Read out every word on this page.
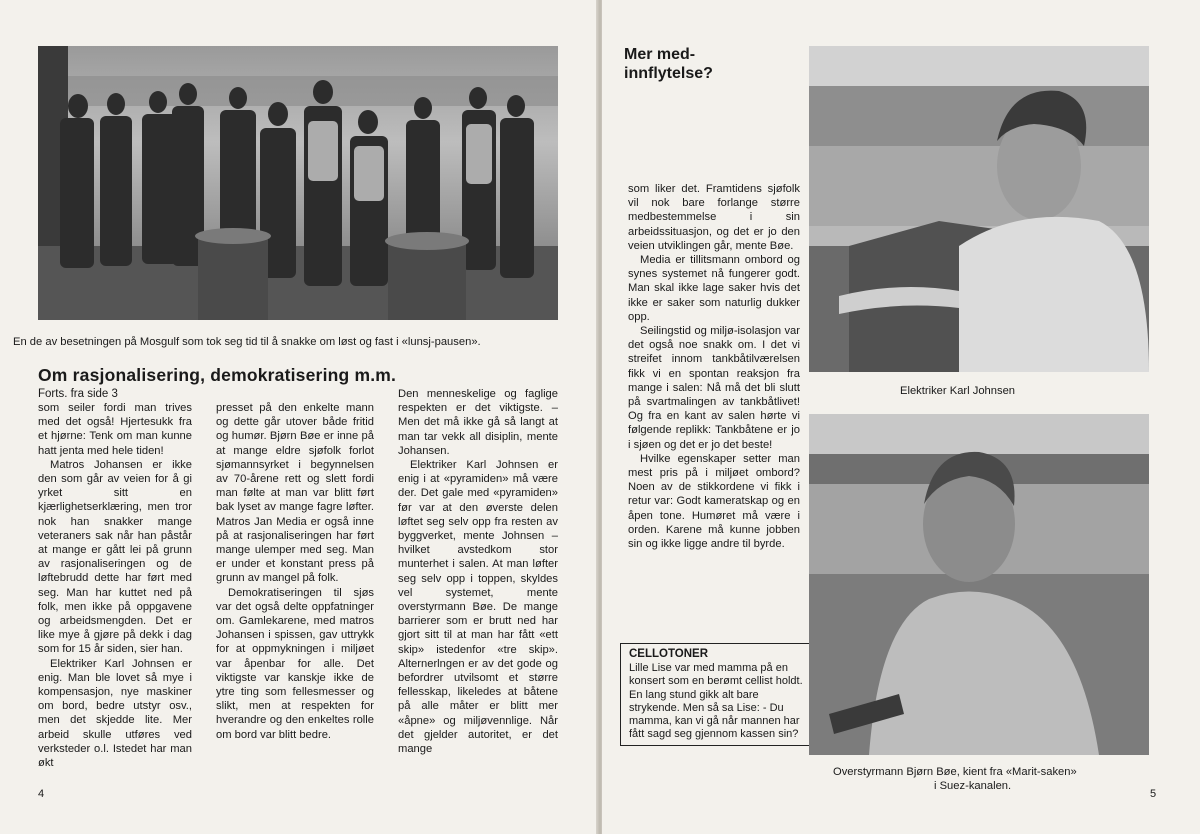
En de av besetningen på Mosgulf som tok seg tid til å snakke om løst og fast i «lunsj-pausen».
Om rasjonalisering, demokratisering m.m.
Forts. fra side 3

som seiler fordi man trives med det også! Hjertesukk fra et hjørne: Tenk om man kunne hatt jenta med hele tiden!

Matros Johansen er ikke den som går av veien for å gi yrket sitt en kjærlighetserklæring, men tror nok han snakker mange veteraners sak når han påstår at mange er gått lei på grunn av rasjonaliseringen og de løftebrudd dette har ført med seg. Man har kuttet ned på folk, men ikke på oppgavene og arbeidsmengden. Det er like mye å gjøre på dekk i dag som for 15 år siden, sier han.

Elektriker Karl Johnsen er enig. Man ble lovet så mye i kompensasjon, nye maskiner om bord, bedre utstyr osv., men det skjedde lite. Mer arbeid skulle utføres ved verksteder o.l. Istedet har man økt

presset på den enkelte mann og dette går utover både fritid og humør. Bjørn Bøe er inne på at mange eldre sjøfolk forlot sjømannsyrket i begynnelsen av 70-årene rett og slett fordi man følte at man var blitt ført bak lyset av mange fagre løfter. Matros Jan Media er også inne på at rasjonaliseringen har ført mange ulemper med seg. Man er under et konstant press på grunn av mangel på folk.

Demokratiseringen til sjøs var det også delte oppfatninger om. Gamlekarene, med matros Johansen i spissen, gav uttrykk for at oppmykningen i miljøet var åpenbar for alle. Det viktigste var kanskje ikke de ytre ting som fellesmesser og slikt, men at respekten for hverandre og den enkeltes rolle om bord var blitt bedre.

Den menneskelige og faglige respekten er det viktigste. – Men det må ikke gå så langt at man tar vekk all disiplin, mente Johansen.

Elektriker Karl Johnsen er enig i at «pyramiden» må være der. Det gale med «pyramiden» før var at den øverste delen løftet seg selv opp fra resten av byggverket, mente Johnsen – hvilket avstedkom stor munterhet i salen. At man løfter seg selv opp i toppen, skyldes vel systemet, mente overstyrmann Bøe. De mange barrierer som er brutt ned har gjort sitt til at man har fått «ett skip» istedenfor «tre skip». Alternerlngen er av det gode og befordrer utvilsomt et større fellesskap, likeledes at båtene på alle måter er blitt mer «åpne» og miljøvennlige. Når det gjelder autoritet, er det mange

4
Mer med-innflytelse?

som liker det. Framtidens sjøfolk vil nok bare forlange større medbestemmelse i sin arbeidssituasjon, og det er jo den veien utviklingen går, mente Bøe.

Media er tillitsmann ombord og synes systemet nå fungerer godt. Man skal ikke lage saker hvis det ikke er saker som naturlig dukker opp.

Seilingstid og miljø-isolasjon var det også noe snakk om. I det vi streifet innom tankbåtilværelsen fikk vi en spontan reaksjon fra mange i salen: Nå må det bli slutt på svartmalingen av tankbåtlivet! Og fra en kant av salen hørte vi følgende replikk: Tankbåtene er jo i sjøen og det er jo det beste!

Hvilke egenskaper setter man mest pris på i miljøet ombord? Noen av de stikkordene vi fikk i retur var: Godt kameratskap og en åpen tone. Humøret må være i orden. Karene må kunne jobben sin og ikke ligge andre til byrde.

CELLOTONER
Lille Lise var med mamma på en konsert som en berømt cellist holdt. En lang stund gikk alt bare strykende. Men så sa Lise: - Du mamma, kan vi gå når mannen har fått sagd seg gjennom kassen sin?
Elektriker Karl Johnsen
Overstyrmann Bjørn Bøe, kient fra «Marit-saken»
i Suez-kanalen.
5
